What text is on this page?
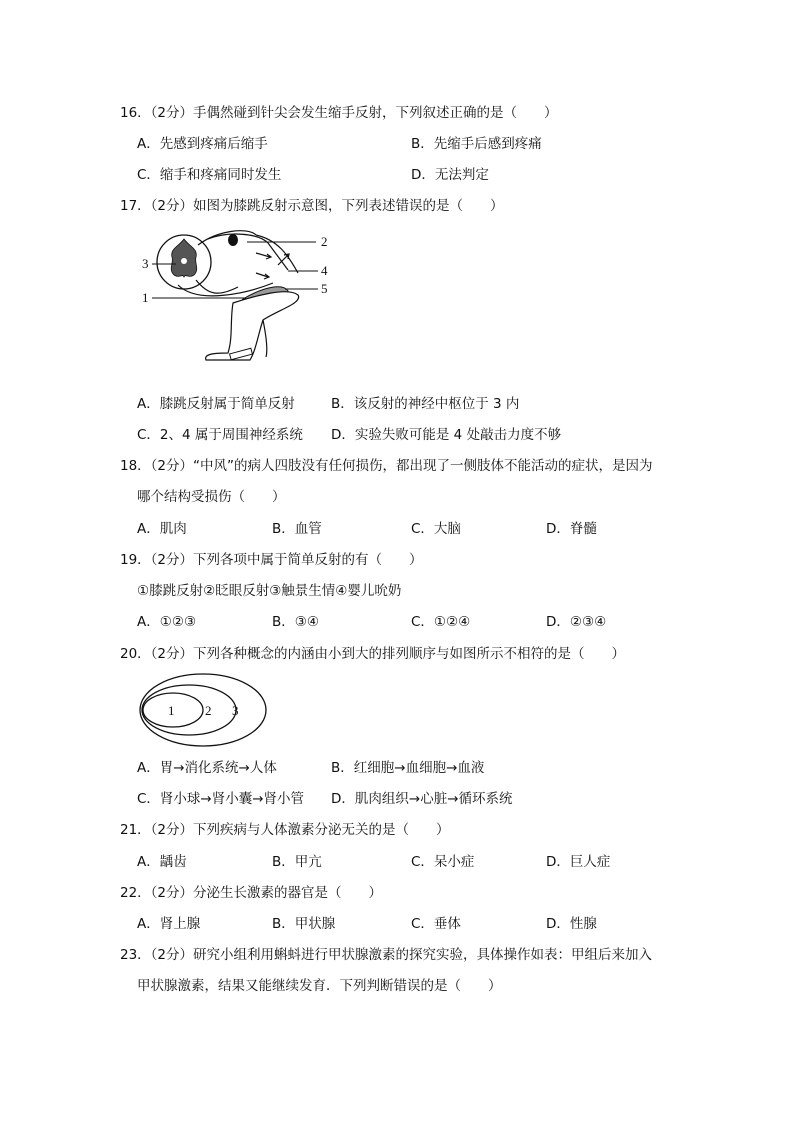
16．（2分）手偶然碰到针尖会发生缩手反射，下列叙述正确的是（　　）
A．先感到疼痛后缩手	B．先缩手后感到疼痛
C．缩手和疼痛同时发生	D．无法判定
17．（2分）如图为膝跳反射示意图，下列表述错误的是（　　）
2
3	4
5
1
A．膝跳反射属于简单反射	B．该反射的神经中枢位于 3 内
C．2、4 属于周围神经系统 D．实验失败可能是 4 处敲击力度不够
18．（2分）“中风”的病人四肢没有任何损伤，都出现了一侧肢体不能活动的症状，是因为
哪个结构受损伤（　　）
A．肌肉	B．血管	C．大脑	D．脊髓
19．（2分）下列各项中属于简单反射的有（　　）
①膝跳反射②眨眼反射③触景生情④婴儿吮奶
A．①②③	B．③④	C．①②④	D．②③④
20．（2分）下列各种概念的内涵由小到大的排列顺序与如图所示不相符的是（　　）
1 2 3
A．胃→消化系统→人体	B．红细胞→血细胞→血液
C．肾小球→肾小囊→肾小管 D．肌肉组织→心脏→循环系统
21．（2分）下列疾病与人体激素分泌无关的是（　　）
A．龋齿	B．甲亢	C．呆小症	D．巨人症
22．（2分）分泌生长激素的器官是（　　）
A．肾上腺	B．甲状腺	C．垂体	D．性腺
23．（2分）研究小组利用蝌蚪进行甲状腺激素的探究实验，具体操作如表：甲组后来加入
甲状腺激素，结果又能继续发育．下列判断错误的是（　　）
